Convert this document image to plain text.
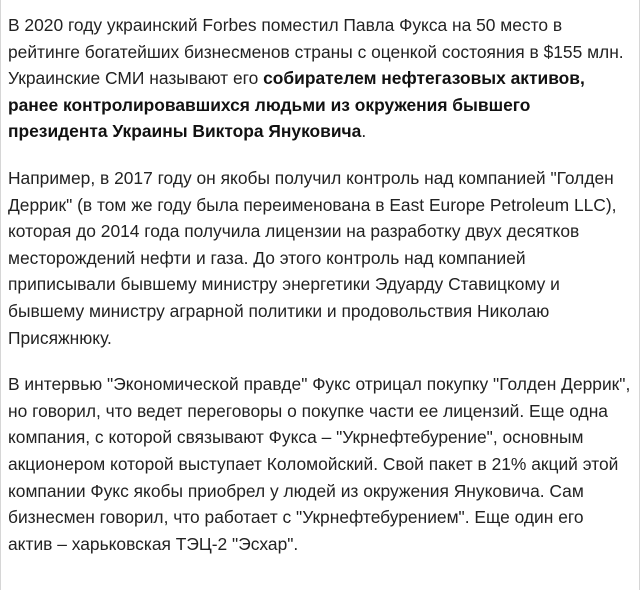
В 2020 году украинский Forbes поместил Павла Фукса на 50 место в рейтинге богатейших бизнесменов страны с оценкой состояния в $155 млн. Украинские СМИ называют его собирателем нефтегазовых активов, ранее контролировавшихся людьми из окружения бывшего президента Украины Виктора Януковича.

Например, в 2017 году он якобы получил контроль над компанией "Голден Деррик" (в том же году была переименована в East Europe Petroleum LLC), которая до 2014 года получила лицензии на разработку двух десятков месторождений нефти и газа. До этого контроль над компанией приписывали бывшему министру энергетики Эдуарду Ставицкому и бывшему министру аграрной политики и продовольствия Николаю Присяжнюку.

В интервью "Экономической правде" Фукс отрицал покупку "Голден Деррик", но говорил, что ведет переговоры о покупке части ее лицензий. Еще одна компания, с которой связывают Фукса – "Укрнефтебурение", основным акционером которой выступает Коломойский. Свой пакет в 21% акций этой компании Фукс якобы приобрел у людей из окружения Януковича. Сам бизнесмен говорил, что работает с "Укрнефтебурением". Еще один его актив – харьковская ТЭЦ-2 "Эсхар".
